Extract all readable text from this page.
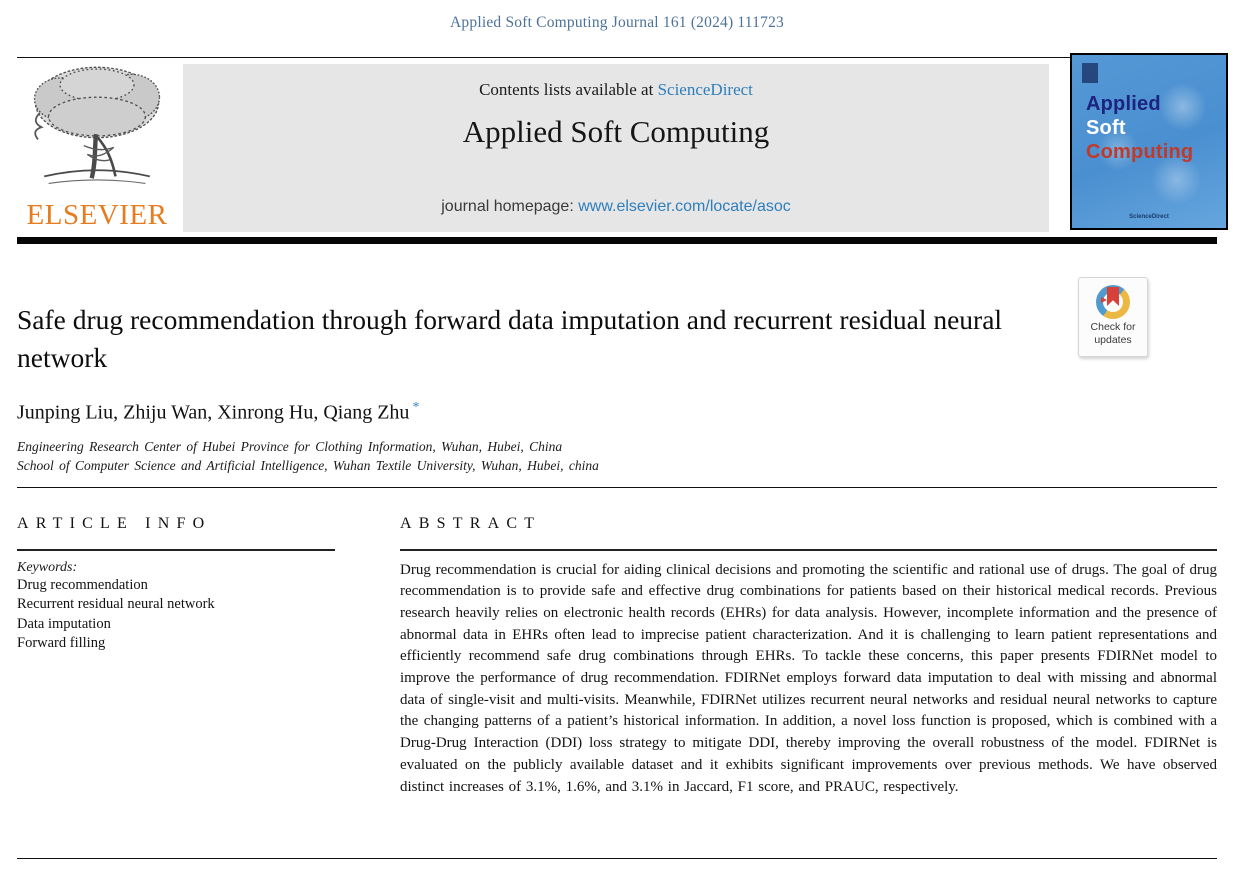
Applied Soft Computing Journal 161 (2024) 111723
ELSEVIER
Contents lists available at ScienceDirect
Applied Soft Computing
journal homepage: www.elsevier.com/locate/asoc
Applied
Soft
Computing
ScienceDirect
Check for
updates
Safe drug recommendation through forward data imputation and recurrent residual neural network
Junping Liu, Zhiju Wan, Xinrong Hu, Qiang Zhu *
Engineering Research Center of Hubei Province for Clothing Information, Wuhan, Hubei, China
School of Computer Science and Artificial Intelligence, Wuhan Textile University, Wuhan, Hubei, china
ARTICLE INFO
Keywords:
Drug recommendation
Recurrent residual neural network
Data imputation
Forward filling
ABSTRACT
Drug recommendation is crucial for aiding clinical decisions and promoting the scientific and rational use of drugs. The goal of drug recommendation is to provide safe and effective drug combinations for patients based on their historical medical records. Previous research heavily relies on electronic health records (EHRs) for data analysis. However, incomplete information and the presence of abnormal data in EHRs often lead to imprecise patient characterization. And it is challenging to learn patient representations and efficiently recommend safe drug combinations through EHRs. To tackle these concerns, this paper presents FDIRNet model to improve the performance of drug recommendation. FDIRNet employs forward data imputation to deal with missing and abnormal data of single-visit and multi-visits. Meanwhile, FDIRNet utilizes recurrent neural networks and residual neural networks to capture the changing patterns of a patient’s historical information. In addition, a novel loss function is proposed, which is combined with a Drug-Drug Interaction (DDI) loss strategy to mitigate DDI, thereby improving the overall robustness of the model. FDIRNet is evaluated on the publicly available dataset and it exhibits significant improvements over previous methods. We have observed distinct increases of 3.1%, 1.6%, and 3.1% in Jaccard, F1 score, and PRAUC, respectively.
